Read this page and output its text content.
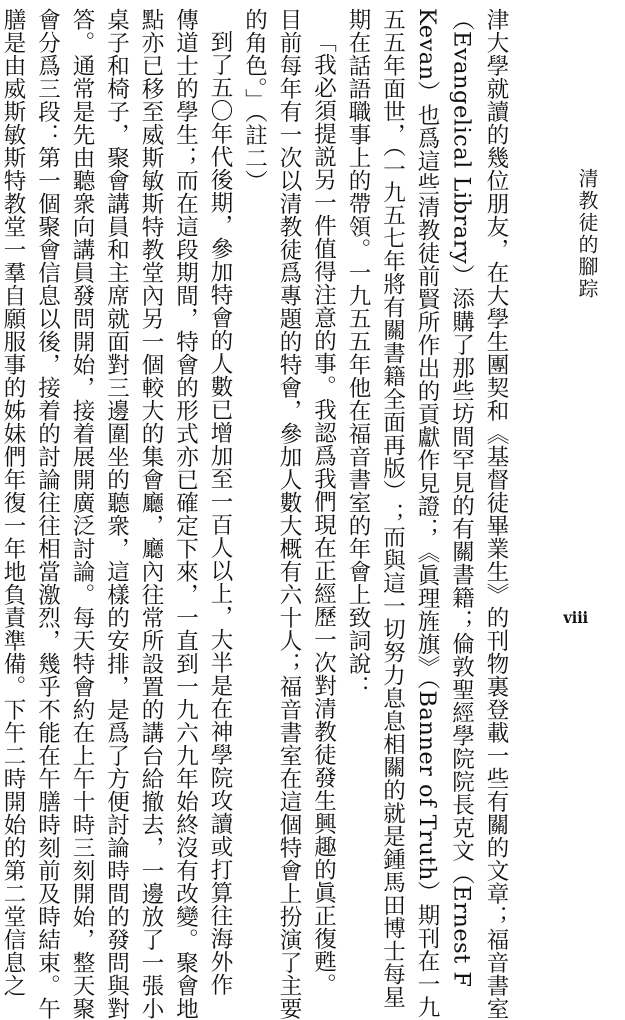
清教徒的腳踪
viii
津大學就讀的幾位朋友，在大學生團契和《基督徒畢業生》的刊物裏登載一些有關的文章；福音書室
（Evangelical Library）添購了那些坊間罕見的有關書籍；倫敦聖經學院院長克文（Ernest F
Kevan）也爲這些清教徒前賢所作出的貢獻作見證；《眞理旌旗》（Banner of Truth）期刊在一九
五五年面世，（一九五七年將有關書籍全面再版）；而與這一切努力息息相關的就是鍾馬田博士每星
期在話語職事上的帶領。一九五五年他在福音書室的年會上致詞說：
「我必須提説另一件值得注意的事。我認爲我們現在正經歷一次對清教徒發生興趣的眞正復甦。
目前每年有一次以清教徒爲專題的特會，參加人數大概有六十人；福音書室在這個特會上扮演了主要
的角色。」（註二）
到了五〇年代後期，參加特會的人數已增加至一百人以上，大半是在神學院攻讀或打算往海外作
傳道士的學生；而在這段期間，特會的形式亦已確定下來，一直到一九六九年始終沒有改變。聚會地
點亦已移至威斯敏斯特教堂內另一個較大的集會廳，廳內往常所設置的講台給撤去，一邊放了一張小
桌子和椅子，聚會講員和主席就面對三邊圍坐的聽衆，這樣的安排，是爲了方便討論時間的發問與對
答。通常是先由聽衆向講員發問開始，接着展開廣泛討論。每天特會約在上午十時三刻開始，整天聚
會分爲三段：第一個聚會信息以後，接着的討論往往相當激烈，幾乎不能在午膳時刻前及時結束。午
膳是由威斯敏斯特教堂一羣自願服事的姊妹們年復一年地負責準備。下午二時開始的第二堂信息之
